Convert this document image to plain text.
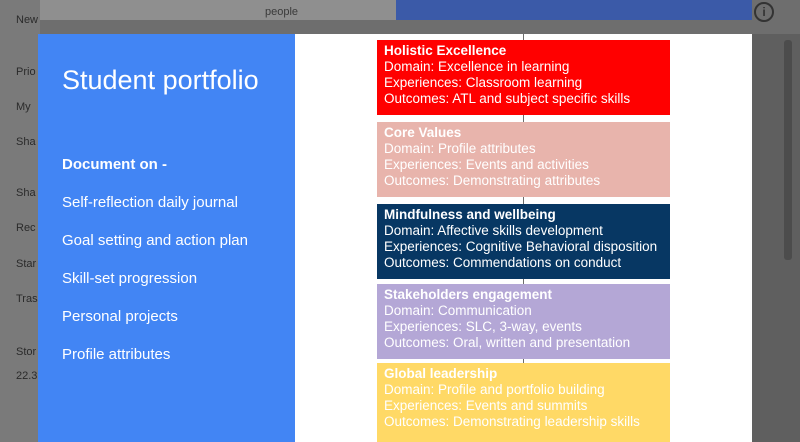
New
Prio
My
Sha
Sha
Rec
Star
Tras
Stor
22.3
people	i
Student portfolio
Document on -
Self-reflection daily journal
Goal setting and action plan
Skill-set progression
Personal projects
Profile attributes
Holistic Excellence
Domain: Excellence in learning
Experiences: Classroom learning
Outcomes: ATL and subject specific skills
Core Values
Domain: Profile attributes
Experiences: Events and activities
Outcomes: Demonstrating attributes
Mindfulness and wellbeing
Domain: Affective skills development
Experiences: Cognitive Behavioral disposition
Outcomes: Commendations on conduct
Stakeholders engagement
Domain: Communication
Experiences: SLC, 3-way, events
Outcomes: Oral, written and presentation
Global leadership
Domain: Profile and portfolio building
Experiences: Events and summits
Outcomes: Demonstrating leadership skills
